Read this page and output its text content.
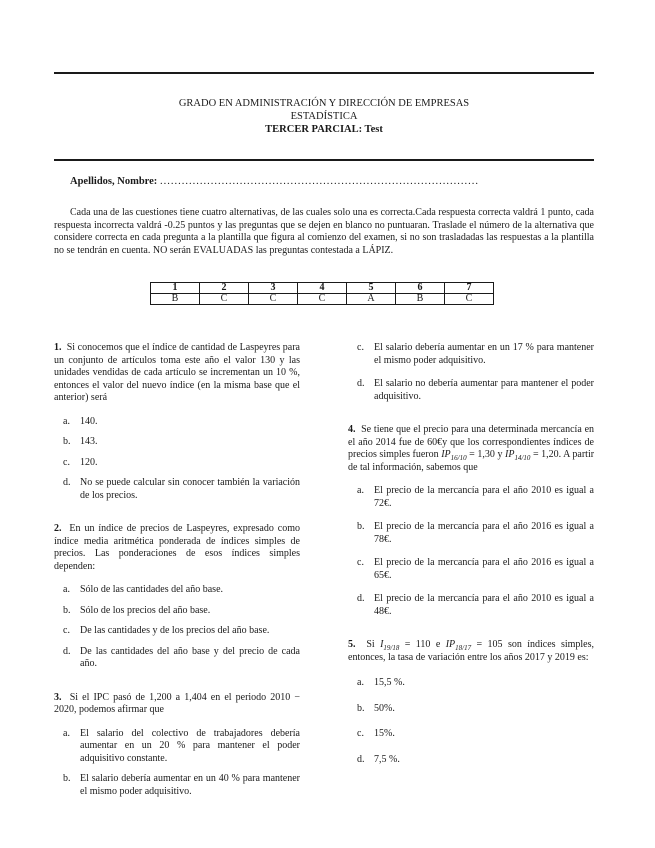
GRADO EN ADMINISTRACIÓN Y DIRECCIÓN DE EMPRESAS
ESTADÍSTICA
TERCER PARCIAL: Test
Apellidos, Nombre: ........................................................................................
Cada una de las cuestiones tiene cuatro alternativas, de las cuales solo una es correcta.Cada respuesta correcta valdrá 1 punto, cada respuesta incorrecta valdrá -0.25 puntos y las preguntas que se dejen en blanco no puntuaran. Traslade el número de la alternativa que considere correcta en cada pregunta a la plantilla que figura al comienzo del examen, si no son trasladadas las respuestas a la plantilla no se tendrán en cuenta. NO serán EVALUADAS las preguntas contestada a LÁPIZ.
1	2	3	4	5	6	7
B	C	C	C	A	B	C

1. Si conocemos que el índice de cantidad de Laspeyres para un conjunto de artículos toma este año el valor 130 y las unidades vendidas de cada artículo se incrementan un 10 %, entonces el valor del nuevo índice (en la misma base que el anterior) será

a.	140.
b. 143.
c.	120.
d. No se puede calcular sin conocer también la variación de los precios.

2. En un índice de precios de Laspeyres, expresado como índice media aritmética ponderada de índices simples de precios. Las ponderaciones de esos índices simples dependen:

a.	Sólo de las cantidades del año base.
b. Sólo de los precios del año base.
c.	De las cantidades y de los precios del año base.
d. De las cantidades del año base y del precio de cada año.

3. Si el IPC pasó de 1,200 a 1,404 en el periodo 2010 − 2020, podemos afirmar que

a.	El salario del colectivo de trabajadores debería aumentar en un 20 % para mantener el poder adquisitivo constante.
b. El salario debería aumentar en un 40 % para mantener el mismo poder adquisitivo.
c.	El salario debería aumentar en un 17 % para mantener el mismo poder adquisitivo.
d. El salario no debería aumentar para mantener el poder adquisitivo.

4. Se tiene que el precio para una determinada mercancía en el año 2014 fue de 60€y que los correspondientes índices de precios simples fueron $IP_{16/10} = 1,30$ y $IP_{14/10} = 1,20$. A partir de tal información, sabemos que

a.	El precio de la mercancía para el año 2010 es igual a 72€.
b. El precio de la mercancía para el año 2016 es igual a 78€.
c.	El precio de la mercancía para el año 2016 es igual a 65€.
d. El precio de la mercancía para el año 2010 es igual a 48€.

5. Si $I_{19/18} = 110$ e $IP_{18/17} = 105$ son índices simples, entonces, la tasa de variación entre los años 2017 y 2019 es:

a.	15,5 %.
b. 50%.
c.	15%.
d. 7,5 %.
